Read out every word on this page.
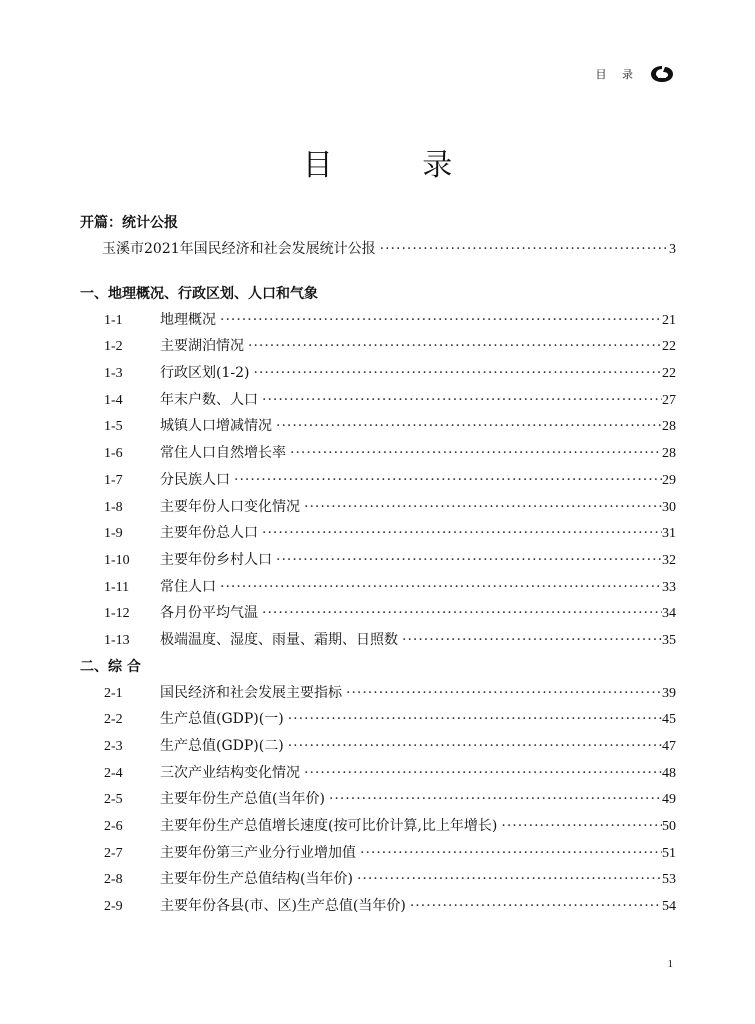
目 录
目 录
开篇：统计公报
玉溪市2021年国民经济和社会发展统计公报 ·····	3
一、地理概况、行政区划、人口和气象
1-1	地理概况 ·····	21
1-2	主要湖泊情况 ·····	22
1-3	行政区划(1-2) ·····	22
1-4	年末户数、人口 ·····	27
1-5	城镇人口增减情况 ·····	28
1-6	常住人口自然增长率 ·····	28
1-7	分民族人口 ·····	29
1-8	主要年份人口变化情况 ·····	30
1-9	主要年份总人口 ·····	31
1-10	主要年份乡村人口 ·····	32
1-11	常住人口 ·····	33
1-12	各月份平均气温 ·····	34
1-13	极端温度、湿度、雨量、霜期、日照数 ·····	35
二、综 合
2-1	国民经济和社会发展主要指标 ·····	39
2-2	生产总值(GDP)(一) ·····	45
2-3	生产总值(GDP)(二) ·····	47
2-4	三次产业结构变化情况 ·····	48
2-5	主要年份生产总值(当年价) ·····	49
2-6	主要年份生产总值增长速度(按可比价计算,比上年增长) ·····	50
2-7	主要年份第三产业分行业增加值 ·····	51
2-8	主要年份生产总值结构(当年价) ·····	53
2-9	主要年份各县(市、区)生产总值(当年价) ·····	54
1
